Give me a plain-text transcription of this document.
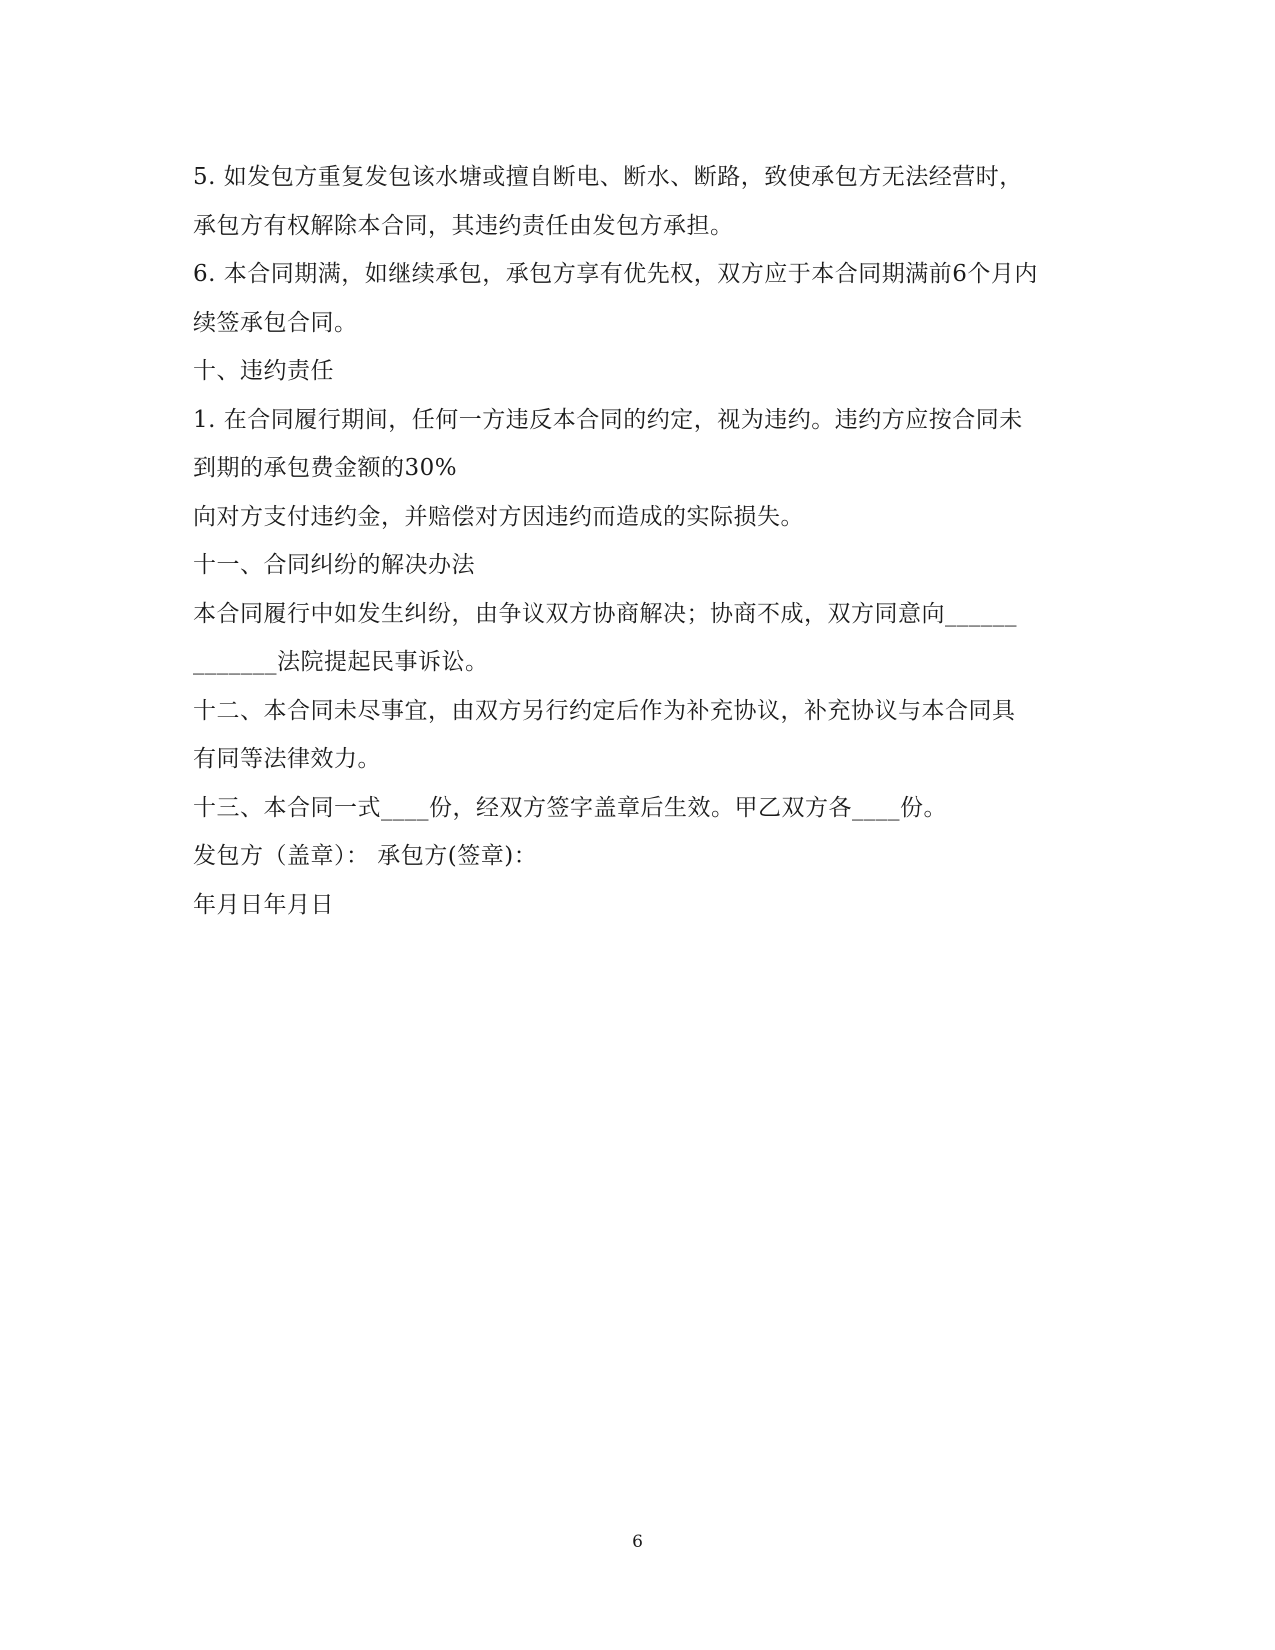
5. 如发包方重复发包该水塘或擅自断电、断水、断路，致使承包方无法经营时，
承包方有权解除本合同，其违约责任由发包方承担。
6. 本合同期满，如继续承包，承包方享有优先权，双方应于本合同期满前6个月内
续签承包合同。
十、违约责任
1. 在合同履行期间，任何一方违反本合同的约定，视为违约。违约方应按合同未
到期的承包费金额的30%
向对方支付违约金，并赔偿对方因违约而造成的实际损失。
十一、合同纠纷的解决办法
本合同履行中如发生纠纷，由争议双方协商解决；协商不成，双方同意向______
_______法院提起民事诉讼。
十二、本合同未尽事宜，由双方另行约定后作为补充协议，补充协议与本合同具
有同等法律效力。
十三、本合同一式____份，经双方签字盖章后生效。甲乙双方各____份。
发包方（盖章）： 承包方(签章)：
年月日年月日
6
